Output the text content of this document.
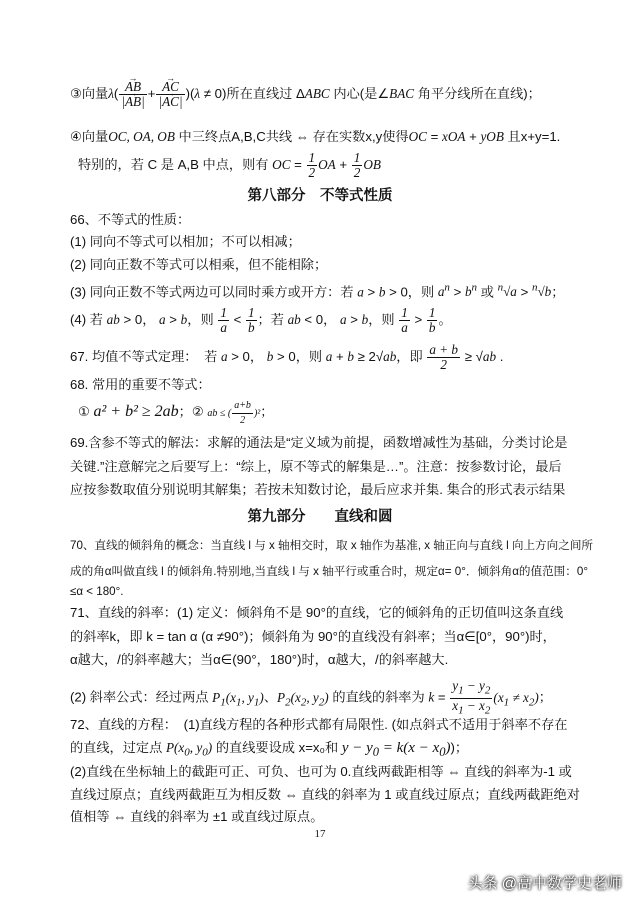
③向量λ(
→ $\frac{AB}{|\to AB|}$ +
→ $\frac{AC}{|\to AC|} )(\lambda \ne 0)$所在直线过 ΔABC 内心(是∠BAC 角平分线所在直线)；
④向量OC, OA, OB 中三终点A,B,C共线 ⇔ 存在实数x,y使得OC = xOA + yOB 且x+y=1.
特别的，若 C 是 A,B 中点，则有 OC = $\frac{1}{2}$ OA + $\frac{1}{2}$ OB
第八部分　不等式性质
66、不等式的性质：
(1) 同向不等式可以相加；不可以相减；
(2) 同向正数不等式可以相乘，但不能相除；
(3) 同向正数不等式两边可以同时乘方或开方：若 a > b > 0，则 $a^n > b^n$ 或 $^n$√a > $^n$√b；
(4) 若 ab > 0， a > b，则 $\frac{1}{a} < \frac{1}{b}$ ；若 ab < 0， a > b，则 $\frac{1}{a} > \frac{1}{b}$ 。
67. 均值不等式定理：　若 a > 0， b > 0，则 a + b ≥ 2√ab，即 $\frac{a + b}{2} \ge √ab$ .
68. 常用的重要不等式：
① a² + b² ≥ 2ab；② ab ≤ ( $\frac{a+b}{2} )^2$；
69.含参不等式的解法：求解的通法是“定义域为前提，函数增减性为基础，分类讨论是
关键.”注意解完之后要写上：“综上，原不等式的解集是…”。注意：按参数讨论，最后
应按参数取值分别说明其解集；若按未知数讨论，最后应求并集. 集合的形式表示结果
第九部分　　直线和圆
70、直线的倾斜角的概念：当直线 l 与 x 轴相交时，取 x 轴作为基准, x 轴正向与直线 l 向上方向之间所
成的角α叫做直线 l 的倾斜角.特别地,当直线 l 与 x 轴平行或重合时，规定α= 0°．倾斜角α的值范围：0°
≤α < 180°.
71、直线的斜率：(1) 定义：倾斜角不是 90°的直线，它的倾斜角的正切值叫这条直线
的斜率k，即 k = tan α (α ≠90°)；倾斜角为 90°的直线没有斜率；当α∈[0°，90°)时，
α越大，/的斜率越大；当α∈(90°，180°)时，α越大，/的斜率越大.
(2) 斜率公式：经过两点 $P_1(x_1$, $y_1$)、$P_2(x_2$, $y_2$) 的直线的斜率为 $k = \frac{y_1 - y_2}{x_1 - x_2} (x_1 \ne x_2)$；
72、直线的方程：　(1)直线方程的各种形式都有局限性. (如点斜式不适用于斜率不存在
的直线，过定点 $P(x_0$, $y_0$) 的直线要设成 x=x₀和 $y - y_0 = k(x - x_0)$)；
(2)直线在坐标轴上的截距可正、可负、也可为 0.直线两截距相等 ⇔ 直线的斜率为-1 或
直线过原点；直线两截距互为相反数 ⇔ 直线的斜率为 1 或直线过原点；直线两截距绝对
值相等 ⇔ 直线的斜率为 ±1 或直线过原点。
17
头条 @高中数学史老师
